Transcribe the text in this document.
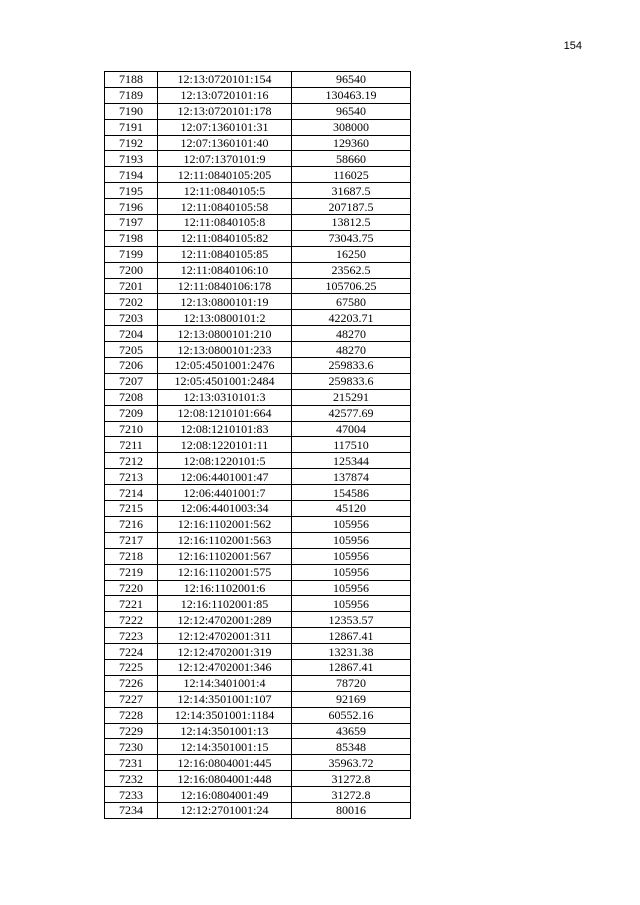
154
7188	12:13:0720101:154	96540
7189	12:13:0720101:16	130463.19
7190	12:13:0720101:178	96540
7191	12:07:1360101:31	308000
7192	12:07:1360101:40	129360
7193	12:07:1370101:9	58660
7194	12:11:0840105:205	116025
7195	12:11:0840105:5	31687.5
7196	12:11:0840105:58	207187.5
7197	12:11:0840105:8	13812.5
7198	12:11:0840105:82	73043.75
7199	12:11:0840105:85	16250
7200	12:11:0840106:10	23562.5
7201	12:11:0840106:178	105706.25
7202	12:13:0800101:19	67580
7203	12:13:0800101:2	42203.71
7204	12:13:0800101:210	48270
7205	12:13:0800101:233	48270
7206	12:05:4501001:2476	259833.6
7207	12:05:4501001:2484	259833.6
7208	12:13:0310101:3	215291
7209	12:08:1210101:664	42577.69
7210	12:08:1210101:83	47004
7211	12:08:1220101:11	117510
7212	12:08:1220101:5	125344
7213	12:06:4401001:47	137874
7214	12:06:4401001:7	154586
7215	12:06:4401003:34	45120
7216	12:16:1102001:562	105956
7217	12:16:1102001:563	105956
7218	12:16:1102001:567	105956
7219	12:16:1102001:575	105956
7220	12:16:1102001:6	105956
7221	12:16:1102001:85	105956
7222	12:12:4702001:289	12353.57
7223	12:12:4702001:311	12867.41
7224	12:12:4702001:319	13231.38
7225	12:12:4702001:346	12867.41
7226	12:14:3401001:4	78720
7227	12:14:3501001:107	92169
7228	12:14:3501001:1184	60552.16
7229	12:14:3501001:13	43659
7230	12:14:3501001:15	85348
7231	12:16:0804001:445	35963.72
7232	12:16:0804001:448	31272.8
7233	12:16:0804001:49	31272.8
7234	12:12:2701001:24	80016
